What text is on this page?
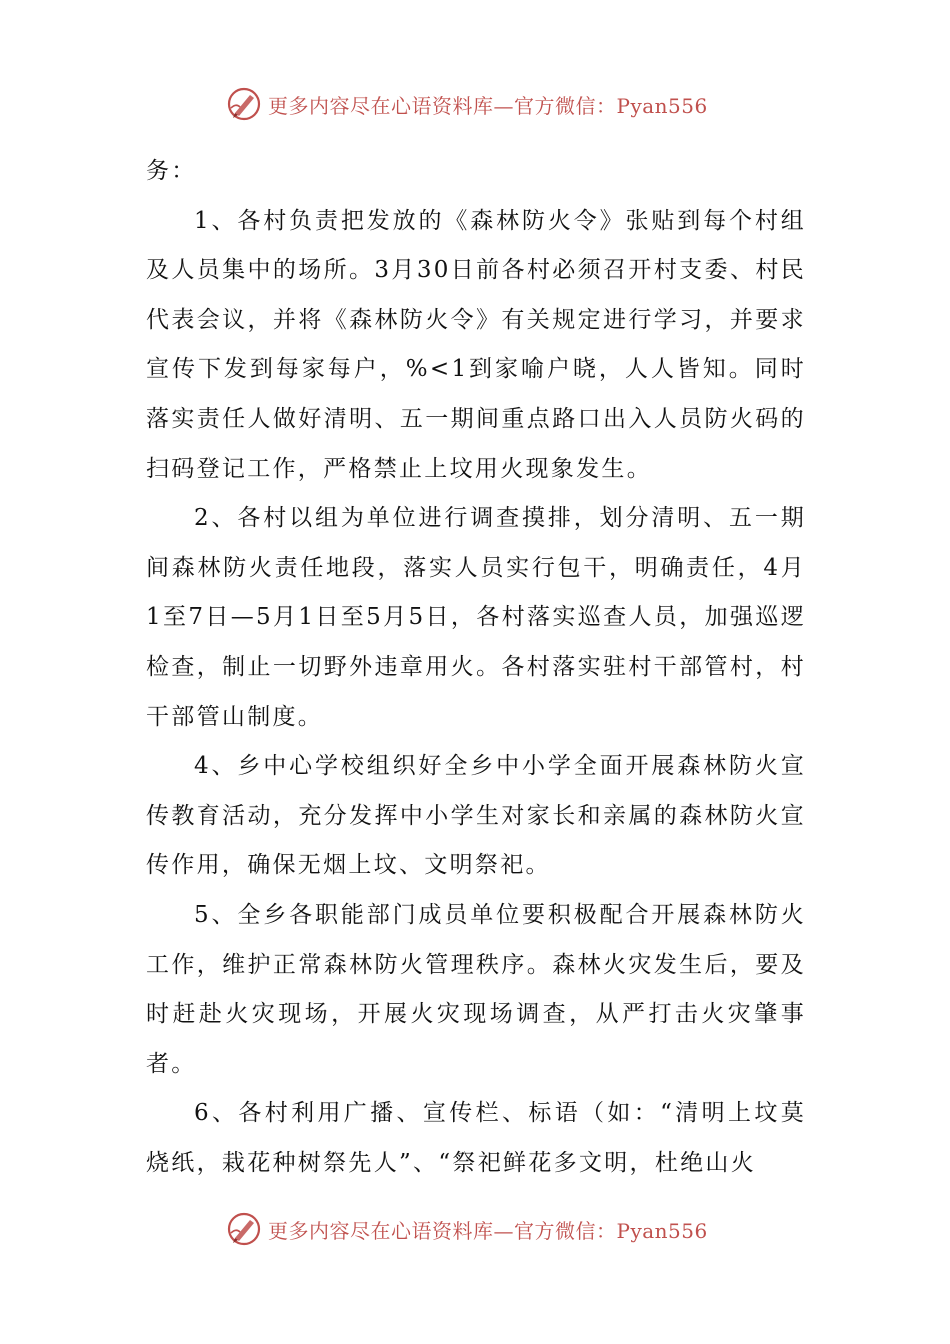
更多内容尽在心语资料库—官方微信：Pyan556

务：

1、各村负责把发放的《森林防火令》张贴到每个村组及人员集中的场所。3月30日前各村必须召开村支委、村民代表会议，并将《森林防火令》有关规定进行学习，并要求宣传下发到每家每户，%<1到家喻户晓，人人皆知。同时落实责任人做好清明、五一期间重点路口出入人员防火码的扫码登记工作，严格禁止上坟用火现象发生。

2、各村以组为单位进行调查摸排，划分清明、五一期间森林防火责任地段，落实人员实行包干，明确责任，4月1至7日—5月1日至5月5日，各村落实巡查人员，加强巡逻检查，制止一切野外违章用火。各村落实驻村干部管村，村干部管山制度。

4、乡中心学校组织好全乡中小学全面开展森林防火宣传教育活动，充分发挥中小学生对家长和亲属的森林防火宣传作用，确保无烟上坟、文明祭祀。

5、全乡各职能部门成员单位要积极配合开展森林防火工作，维护正常森林防火管理秩序。森林火灾发生后，要及时赶赴火灾现场，开展火灾现场调查，从严打击火灾肇事者。

6、各村利用广播、宣传栏、标语（如：“清明上坟莫烧纸，栽花种树祭先人”、“祭祀鲜花多文明，杜绝山火

更多内容尽在心语资料库—官方微信：Pyan556
